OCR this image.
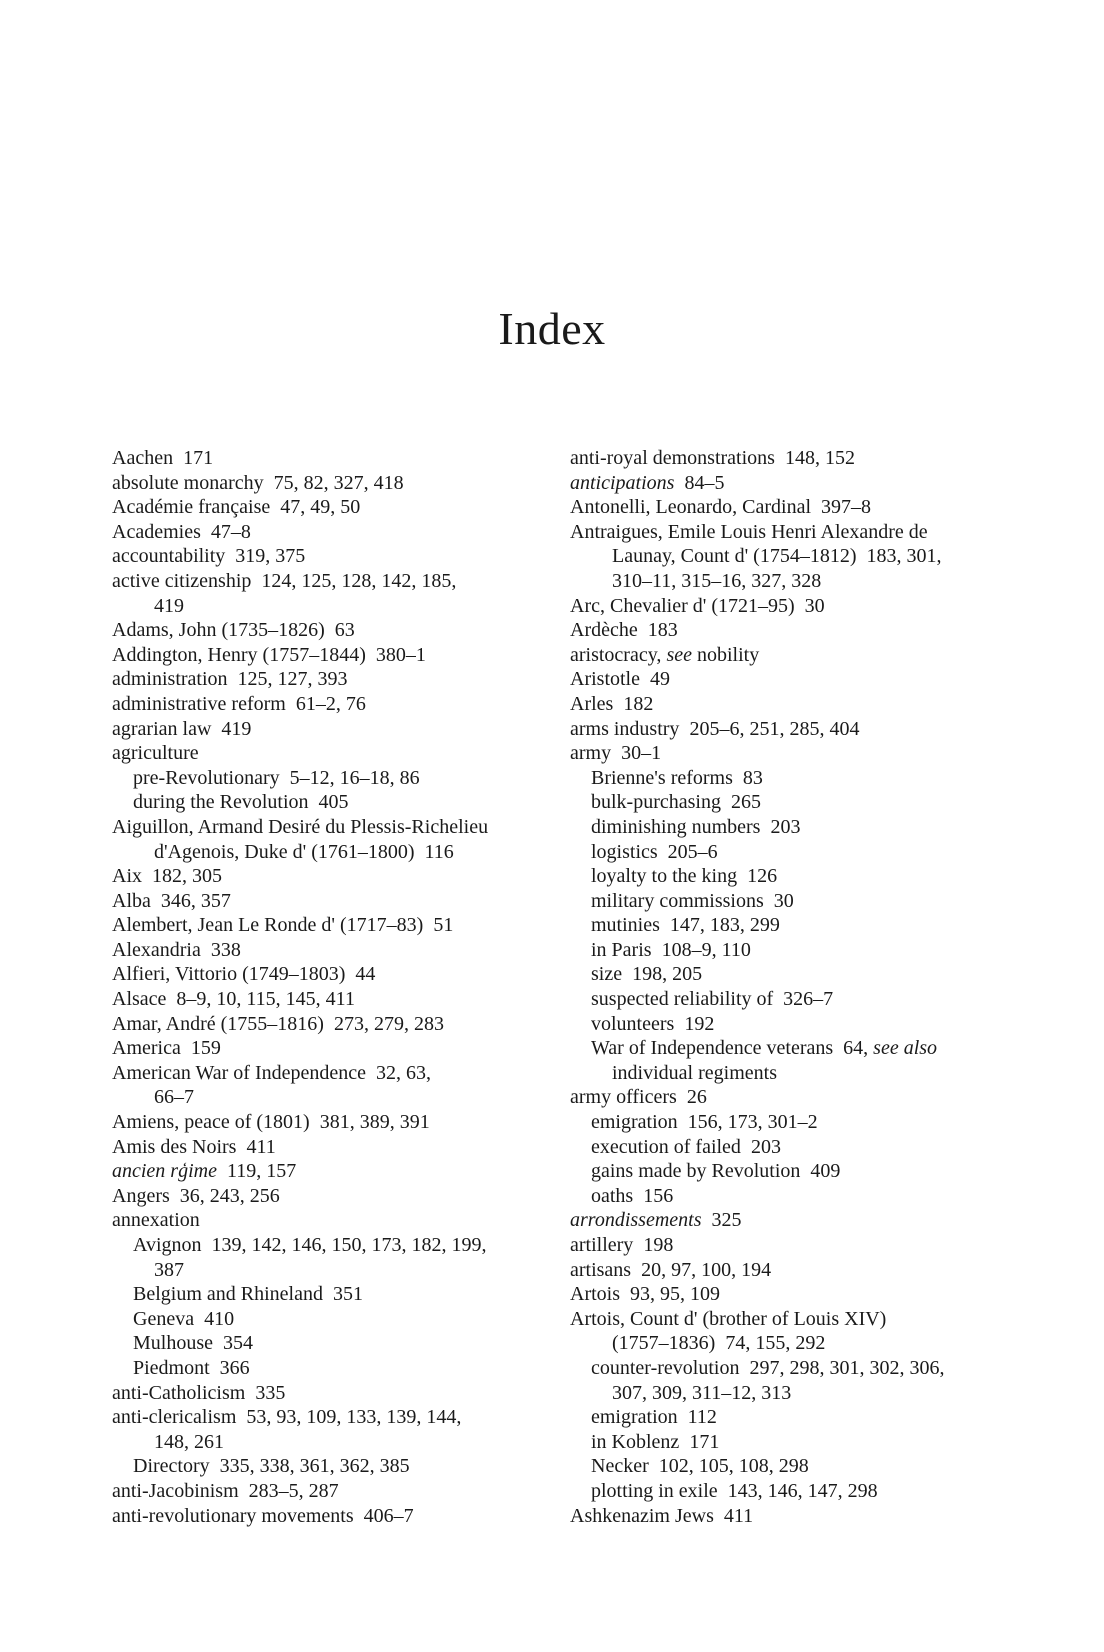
Index
Aachen 171
absolute monarchy 75, 82, 327, 418
Académie française 47, 49, 50
Academies 47–8
accountability 319, 375
active citizenship 124, 125, 128, 142, 185,
419
Adams, John (1735–1826) 63
Addington, Henry (1757–1844) 380–1
administration 125, 127, 393
administrative reform 61–2, 76
agrarian law 419
agriculture
pre-Revolutionary 5–12, 16–18, 86
during the Revolution 405
Aiguillon, Armand Desiré du Plessis-Richelieu
d'Agenois, Duke d' (1761–1800) 116
Aix 182, 305
Alba 346, 357
Alembert, Jean Le Ronde d' (1717–83) 51
Alexandria 338
Alfieri, Vittorio (1749–1803) 44
Alsace 8–9, 10, 115, 145, 411
Amar, André (1755–1816) 273, 279, 283
America 159
American War of Independence 32, 63,
66–7
Amiens, peace of (1801) 381, 389, 391
Amis des Noirs 411
ancien rģime 119, 157
Angers 36, 243, 256
annexation
Avignon 139, 142, 146, 150, 173, 182, 199,
387
Belgium and Rhineland 351
Geneva 410
Mulhouse 354
Piedmont 366
anti-Catholicism 335
anti-clericalism 53, 93, 109, 133, 139, 144,
148, 261
Directory 335, 338, 361, 362, 385
anti-Jacobinism 283–5, 287
anti-revolutionary movements 406–7
anti-royal demonstrations 148, 152
anticipations 84–5
Antonelli, Leonardo, Cardinal 397–8
Antraigues, Emile Louis Henri Alexandre de
Launay, Count d' (1754–1812) 183, 301,
310–11, 315–16, 327, 328
Arc, Chevalier d' (1721–95) 30
Ardèche 183
aristocracy, see nobility
Aristotle 49
Arles 182
arms industry 205–6, 251, 285, 404
army 30–1
Brienne's reforms 83
bulk-purchasing 265
diminishing numbers 203
logistics 205–6
loyalty to the king 126
military commissions 30
mutinies 147, 183, 299
in Paris 108–9, 110
size 198, 205
suspected reliability of 326–7
volunteers 192
War of Independence veterans 64, see also
individual regiments
army officers 26
emigration 156, 173, 301–2
execution of failed 203
gains made by Revolution 409
oaths 156
arrondissements 325
artillery 198
artisans 20, 97, 100, 194
Artois 93, 95, 109
Artois, Count d' (brother of Louis XIV)
(1757–1836) 74, 155, 292
counter-revolution 297, 298, 301, 302, 306,
307, 309, 311–12, 313
emigration 112
in Koblenz 171
Necker 102, 105, 108, 298
plotting in exile 143, 146, 147, 298
Ashkenazim Jews 411
